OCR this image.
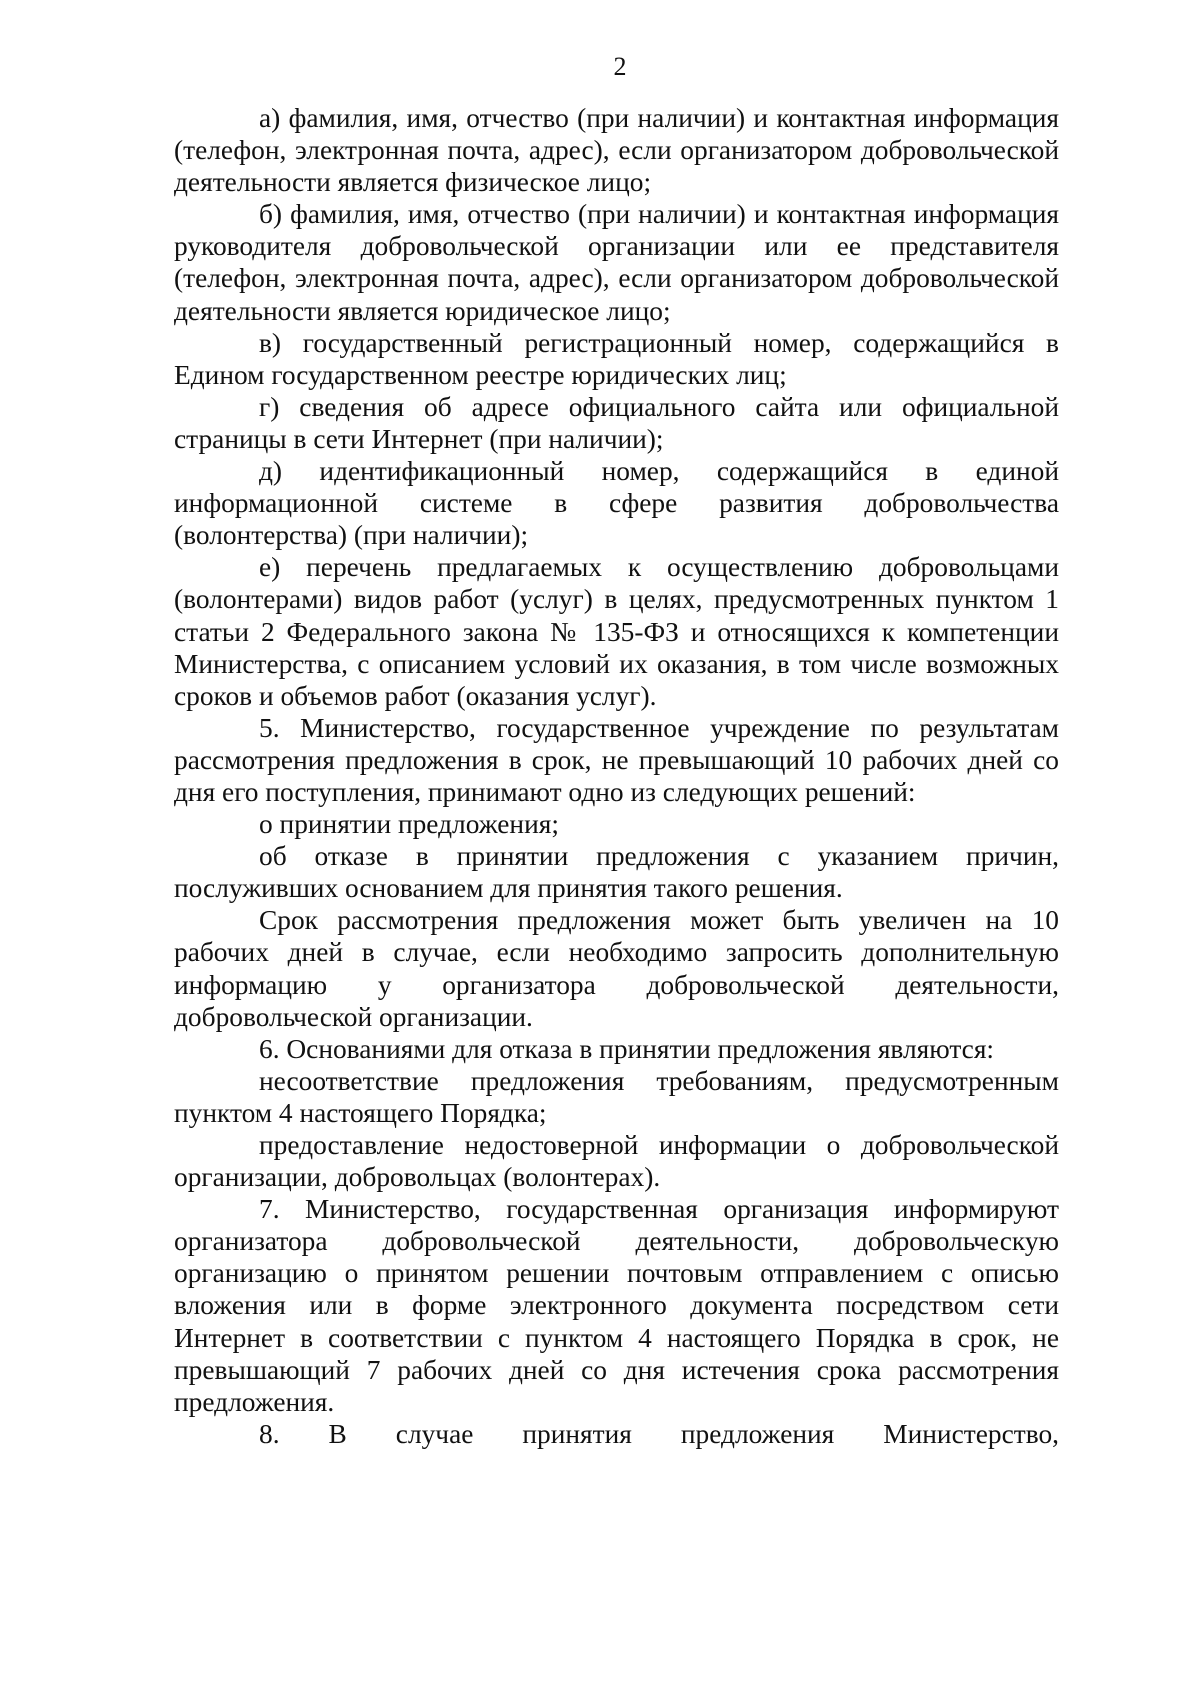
2

а) фамилия, имя, отчество (при наличии) и контактная информация (телефон, электронная почта, адрес), если организатором добровольческой деятельности является физическое лицо;

б) фамилия, имя, отчество (при наличии) и контактная информация руководителя добровольческой организации или ее представителя (телефон, электронная почта, адрес), если организатором добровольческой деятельности является юридическое лицо;

в) государственный регистрационный номер, содержащийся в Едином государственном реестре юридических лиц;

г) сведения об адресе официального сайта или официальной страницы в сети Интернет (при наличии);

д) идентификационный номер, содержащийся в единой информационной системе в сфере развития добровольчества (волонтерства) (при наличии);

е) перечень предлагаемых к осуществлению добровольцами (волонтерами) видов работ (услуг) в целях, предусмотренных пунктом 1 статьи 2 Федерального закона № 135-ФЗ и относящихся к компетенции Министерства, с описанием условий их оказания, в том числе возможных сроков и объемов работ (оказания услуг).

5. Министерство, государственное учреждение по результатам рассмотрения предложения в срок, не превышающий 10 рабочих дней со дня его поступления, принимают одно из следующих решений:

о принятии предложения;

об отказе в принятии предложения с указанием причин, послуживших основанием для принятия такого решения.

Срок рассмотрения предложения может быть увеличен на 10 рабочих дней в случае, если необходимо запросить дополнительную информацию у организатора добровольческой деятельности, добровольческой организации.

6. Основаниями для отказа в принятии предложения являются:

несоответствие предложения требованиям, предусмотренным пунктом 4 настоящего Порядка;

предоставление недостоверной информации о добровольческой организации, добровольцах (волонтерах).

7. Министерство, государственная организация информируют организатора добровольческой деятельности, добровольческую организацию о принятом решении почтовым отправлением с описью вложения или в форме электронного документа посредством сети Интернет в соответствии с пунктом 4 настоящего Порядка в срок, не превышающий 7 рабочих дней со дня истечения срока рассмотрения предложения.

8. В случае принятия предложения Министерство,
